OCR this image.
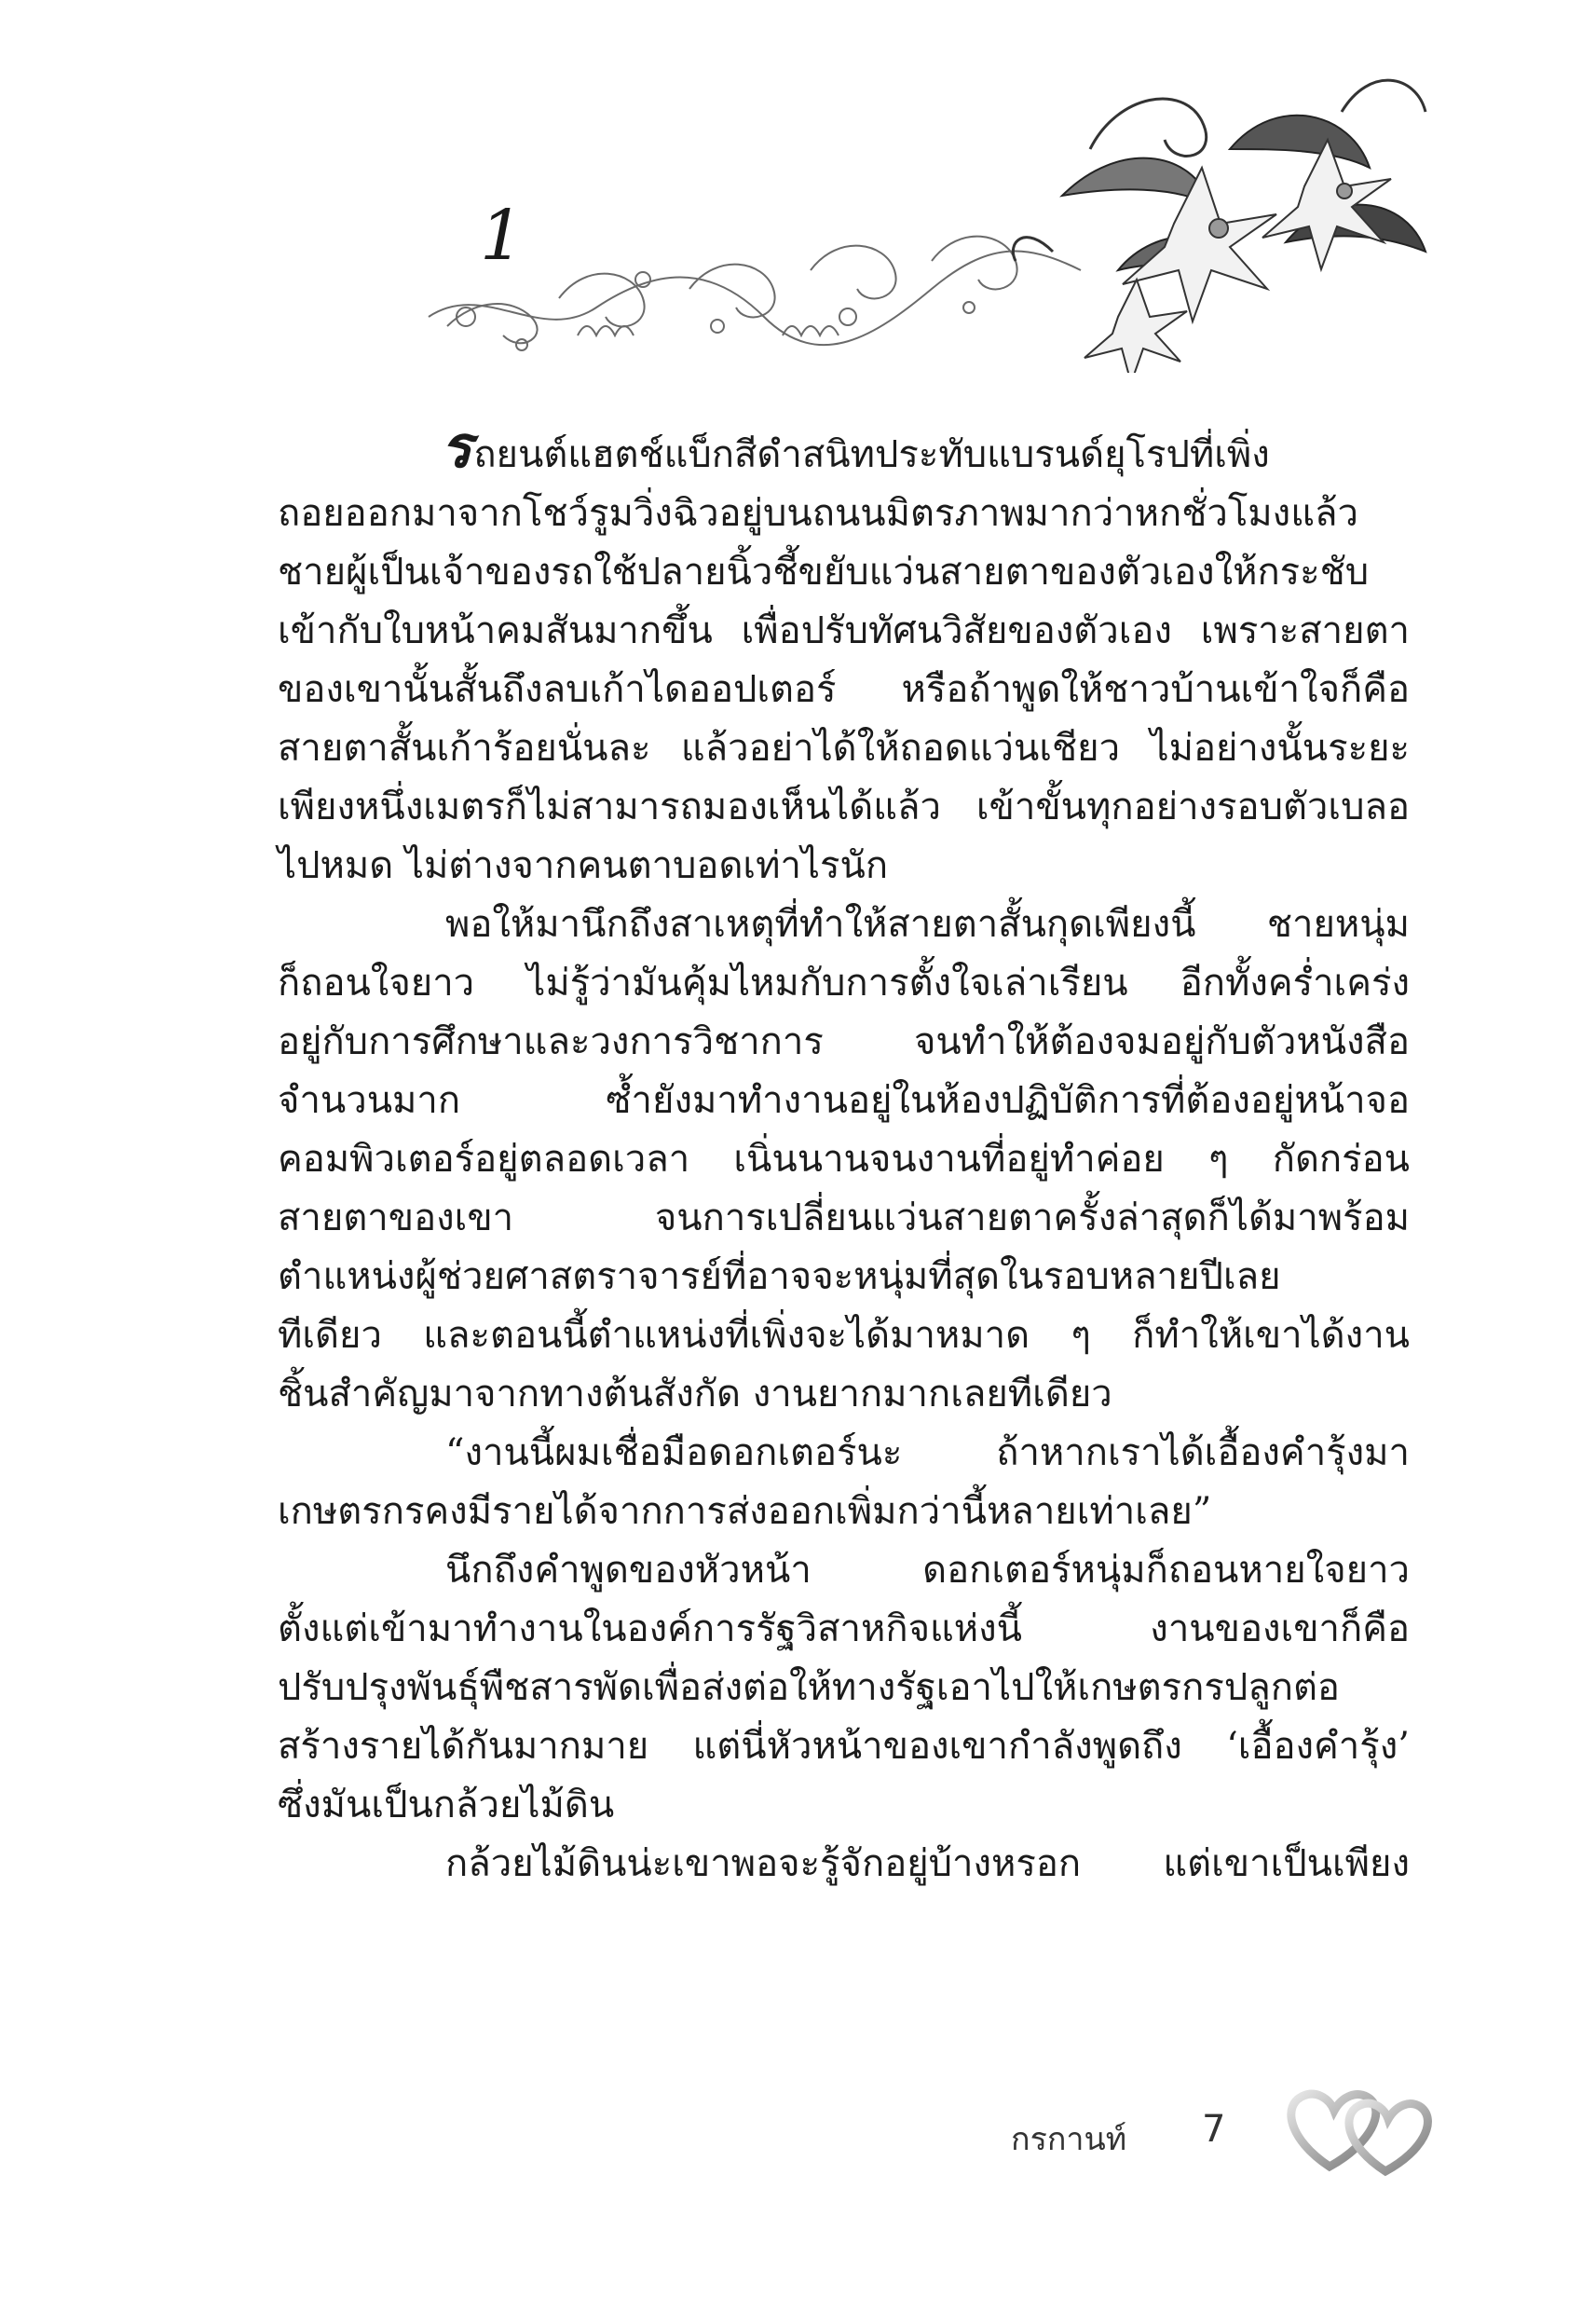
1
รถยนต์แฮตช์แบ็กสีดำสนิทประทับแบรนด์ยุโรปที่เพิ่ง
ถอยออกมาจากโชว์รูมวิ่งฉิวอยู่บนถนนมิตรภาพมากว่าหกชั่วโมงแล้ว
ชายผู้เป็นเจ้าของรถใช้ปลายนิ้วชี้ขยับแว่นสายตาของตัวเองให้กระชับ
เข้ากับใบหน้าคมสันมากขึ้น เพื่อปรับทัศนวิสัยของตัวเอง เพราะสายตา
ของเขานั้นสั้นถึงลบเก้าไดออปเตอร์ หรือถ้าพูดให้ชาวบ้านเข้าใจก็คือ
สายตาสั้นเก้าร้อยนั่นละ แล้วอย่าได้ให้ถอดแว่นเชียว ไม่อย่างนั้นระยะ
เพียงหนึ่งเมตรก็ไม่สามารถมองเห็นได้แล้ว เข้าขั้นทุกอย่างรอบตัวเบลอ
ไปหมด ไม่ต่างจากคนตาบอดเท่าไรนัก
พอให้มานึกถึงสาเหตุที่ทำให้สายตาสั้นกุดเพียงนี้ ชายหนุ่ม
ก็ถอนใจยาว ไม่รู้ว่ามันคุ้มไหมกับการตั้งใจเล่าเรียน อีกทั้งคร่ำเคร่ง
อยู่กับการศึกษาและวงการวิชาการ จนทำให้ต้องจมอยู่กับตัวหนังสือ
จำนวนมาก ซ้ำยังมาทำงานอยู่ในห้องปฏิบัติการที่ต้องอยู่หน้าจอ
คอมพิวเตอร์อยู่ตลอดเวลา เนิ่นนานจนงานที่อยู่ทำค่อย ๆ กัดกร่อน
สายตาของเขา จนการเปลี่ยนแว่นสายตาครั้งล่าสุดก็ได้มาพร้อม
ตำแหน่งผู้ช่วยศาสตราจารย์ที่อาจจะหนุ่มที่สุดในรอบหลายปีเลย
ทีเดียว และตอนนี้ตำแหน่งที่เพิ่งจะได้มาหมาด ๆ ก็ทำให้เขาได้งาน
ชิ้นสำคัญมาจากทางต้นสังกัด งานยากมากเลยทีเดียว
“งานนี้ผมเชื่อมือดอกเตอร์นะ ถ้าหากเราได้เอื้องคำรุ้งมา
เกษตรกรคงมีรายได้จากการส่งออกเพิ่มกว่านี้หลายเท่าเลย”
นึกถึงคำพูดของหัวหน้า ดอกเตอร์หนุ่มก็ถอนหายใจยาว
ตั้งแต่เข้ามาทำงานในองค์การรัฐวิสาหกิจแห่งนี้ งานของเขาก็คือ
ปรับปรุงพันธุ์พืชสารพัดเพื่อส่งต่อให้ทางรัฐเอาไปให้เกษตรกรปลูกต่อ
สร้างรายได้กันมากมาย แต่นี่หัวหน้าของเขากำลังพูดถึง ‘เอื้องคำรุ้ง’
ซึ่งมันเป็นกล้วยไม้ดิน
กล้วยไม้ดินน่ะเขาพอจะรู้จักอยู่บ้างหรอก แต่เขาเป็นเพียง
กรกานท์ 7
